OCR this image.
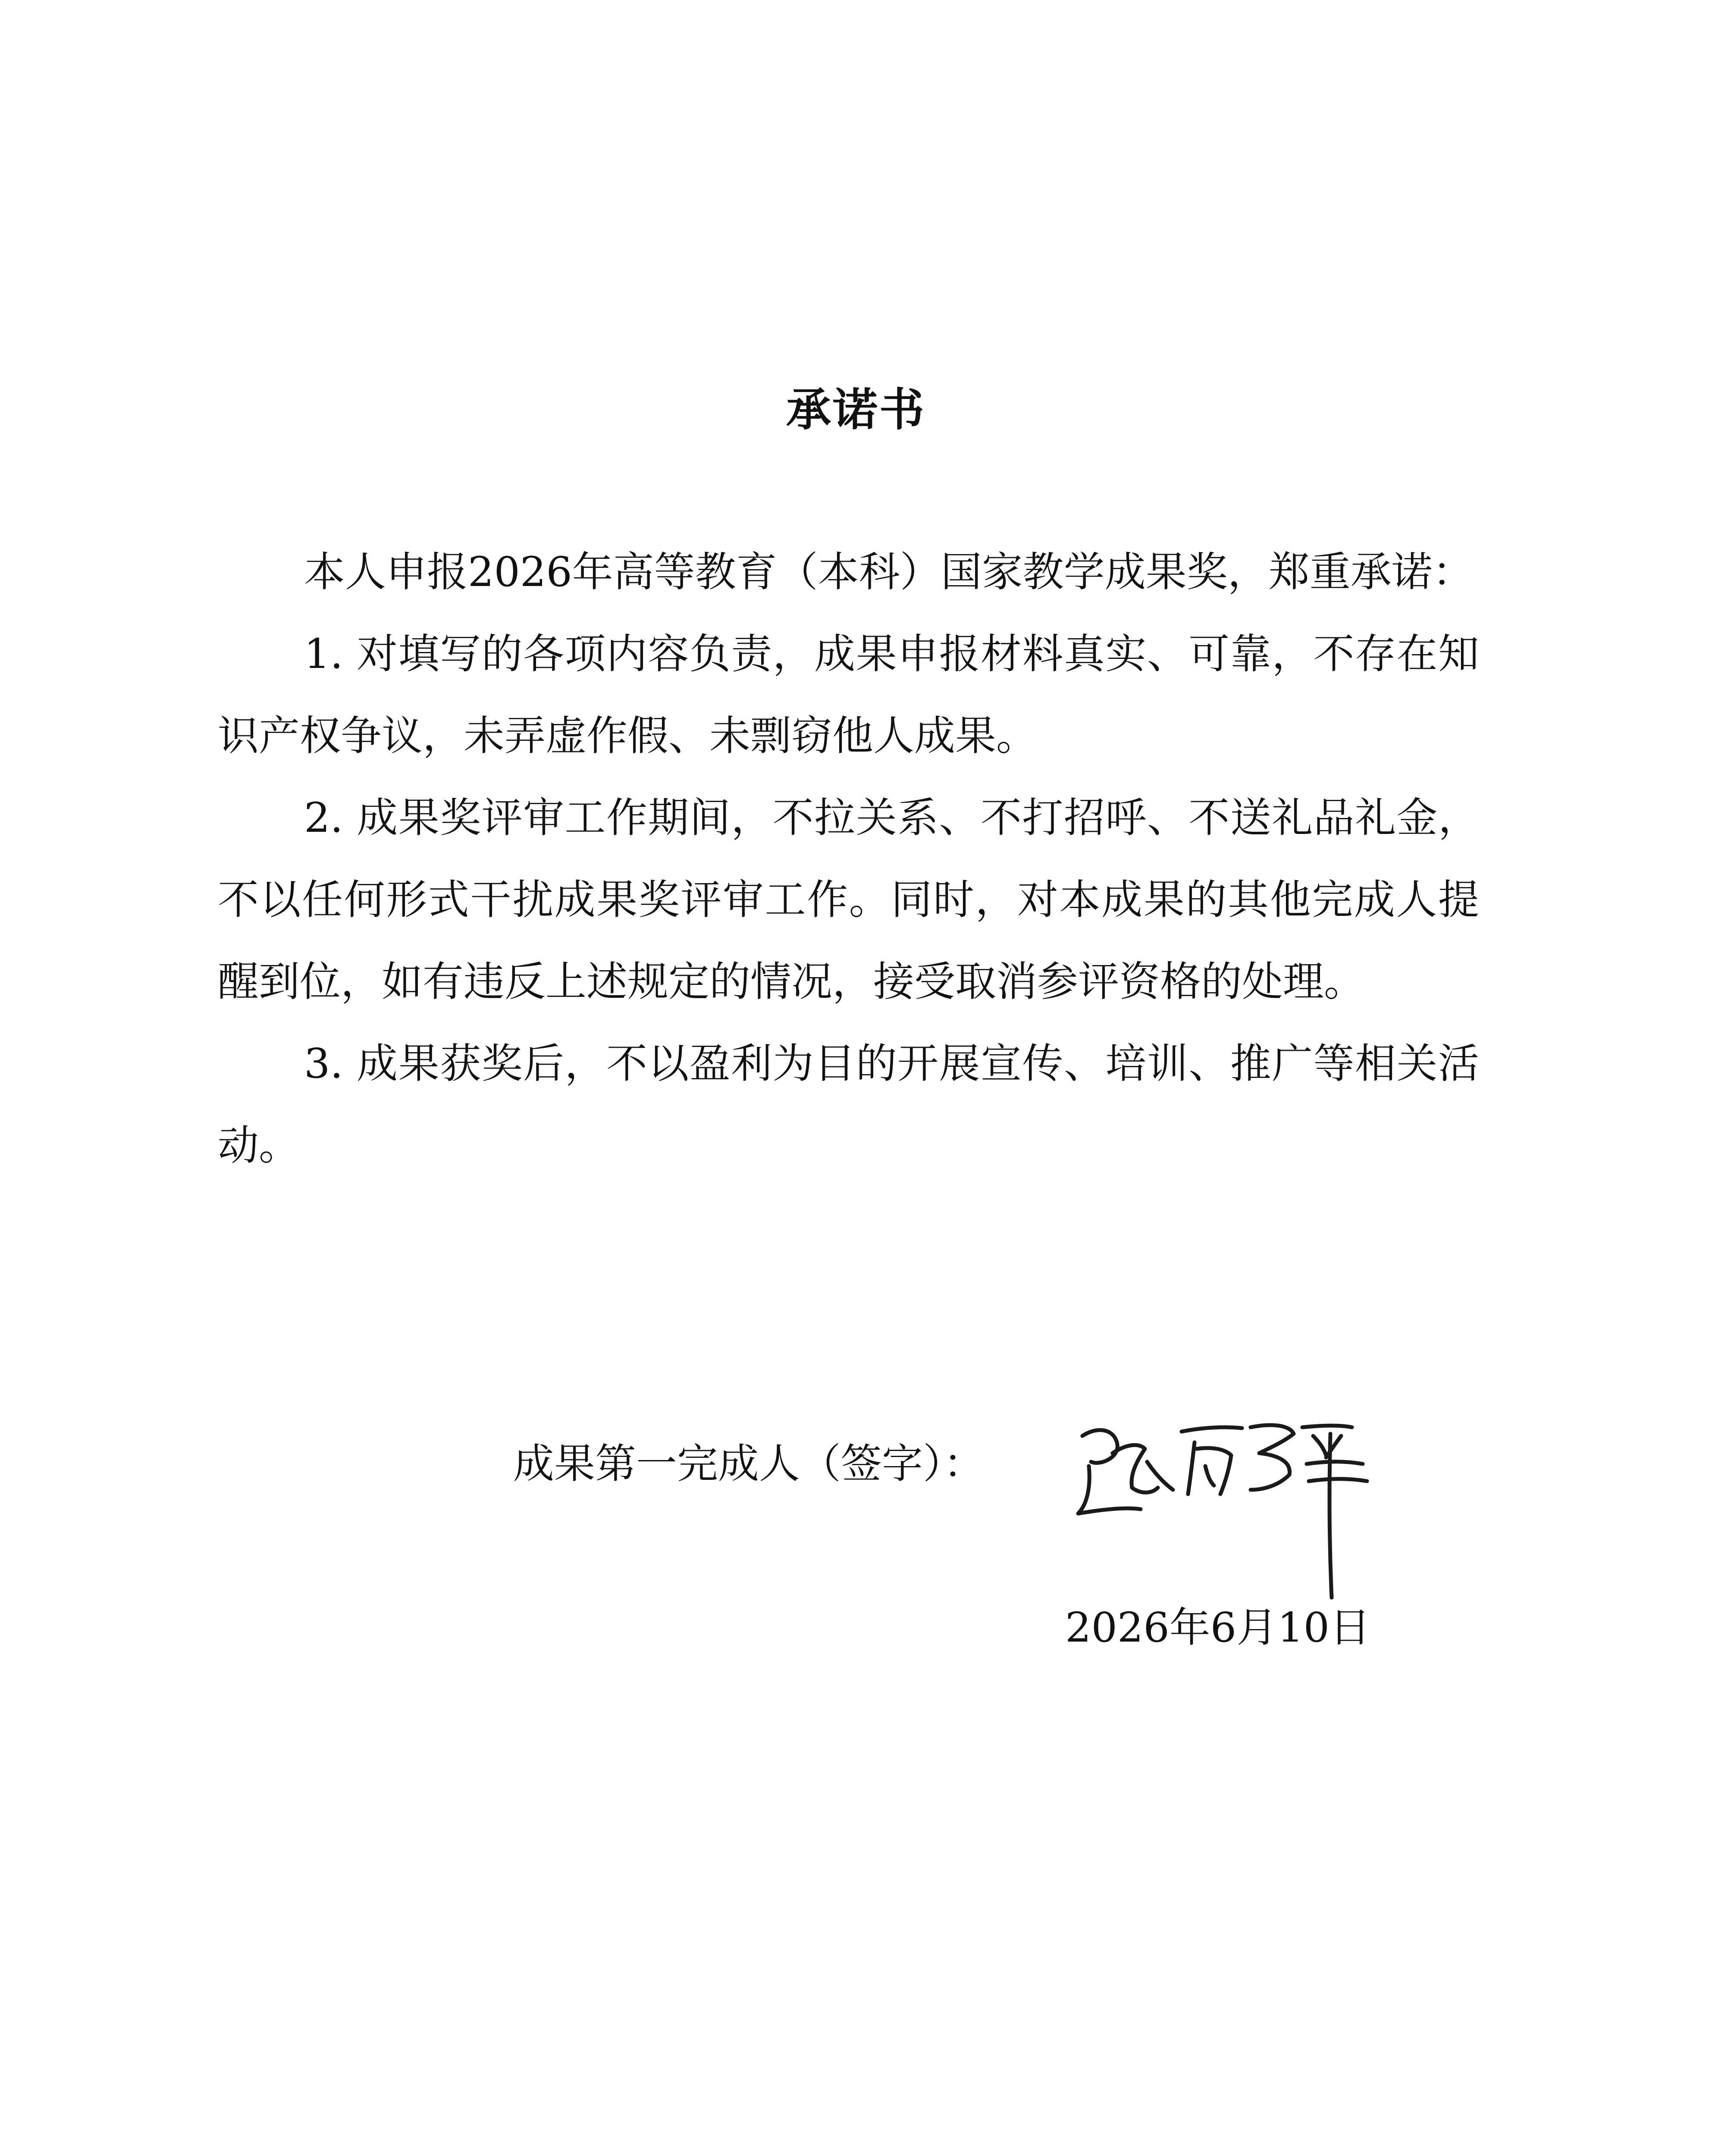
承诺书

本人申报2026年高等教育（本科）国家教学成果奖，郑重承诺：

1. 对填写的各项内容负责，成果申报材料真实、可靠，不存在知识产权争议，未弄虚作假、未剽窃他人成果。

2. 成果奖评审工作期间，不拉关系、不打招呼、不送礼品礼金，不以任何形式干扰成果奖评审工作。同时，对本成果的其他完成人提醒到位，如有违反上述规定的情况，接受取消参评资格的处理。

3. 成果获奖后，不以盈利为目的开展宣传、培训、推广等相关活动。

成果第一完成人（签字）：
2026年6月10日
